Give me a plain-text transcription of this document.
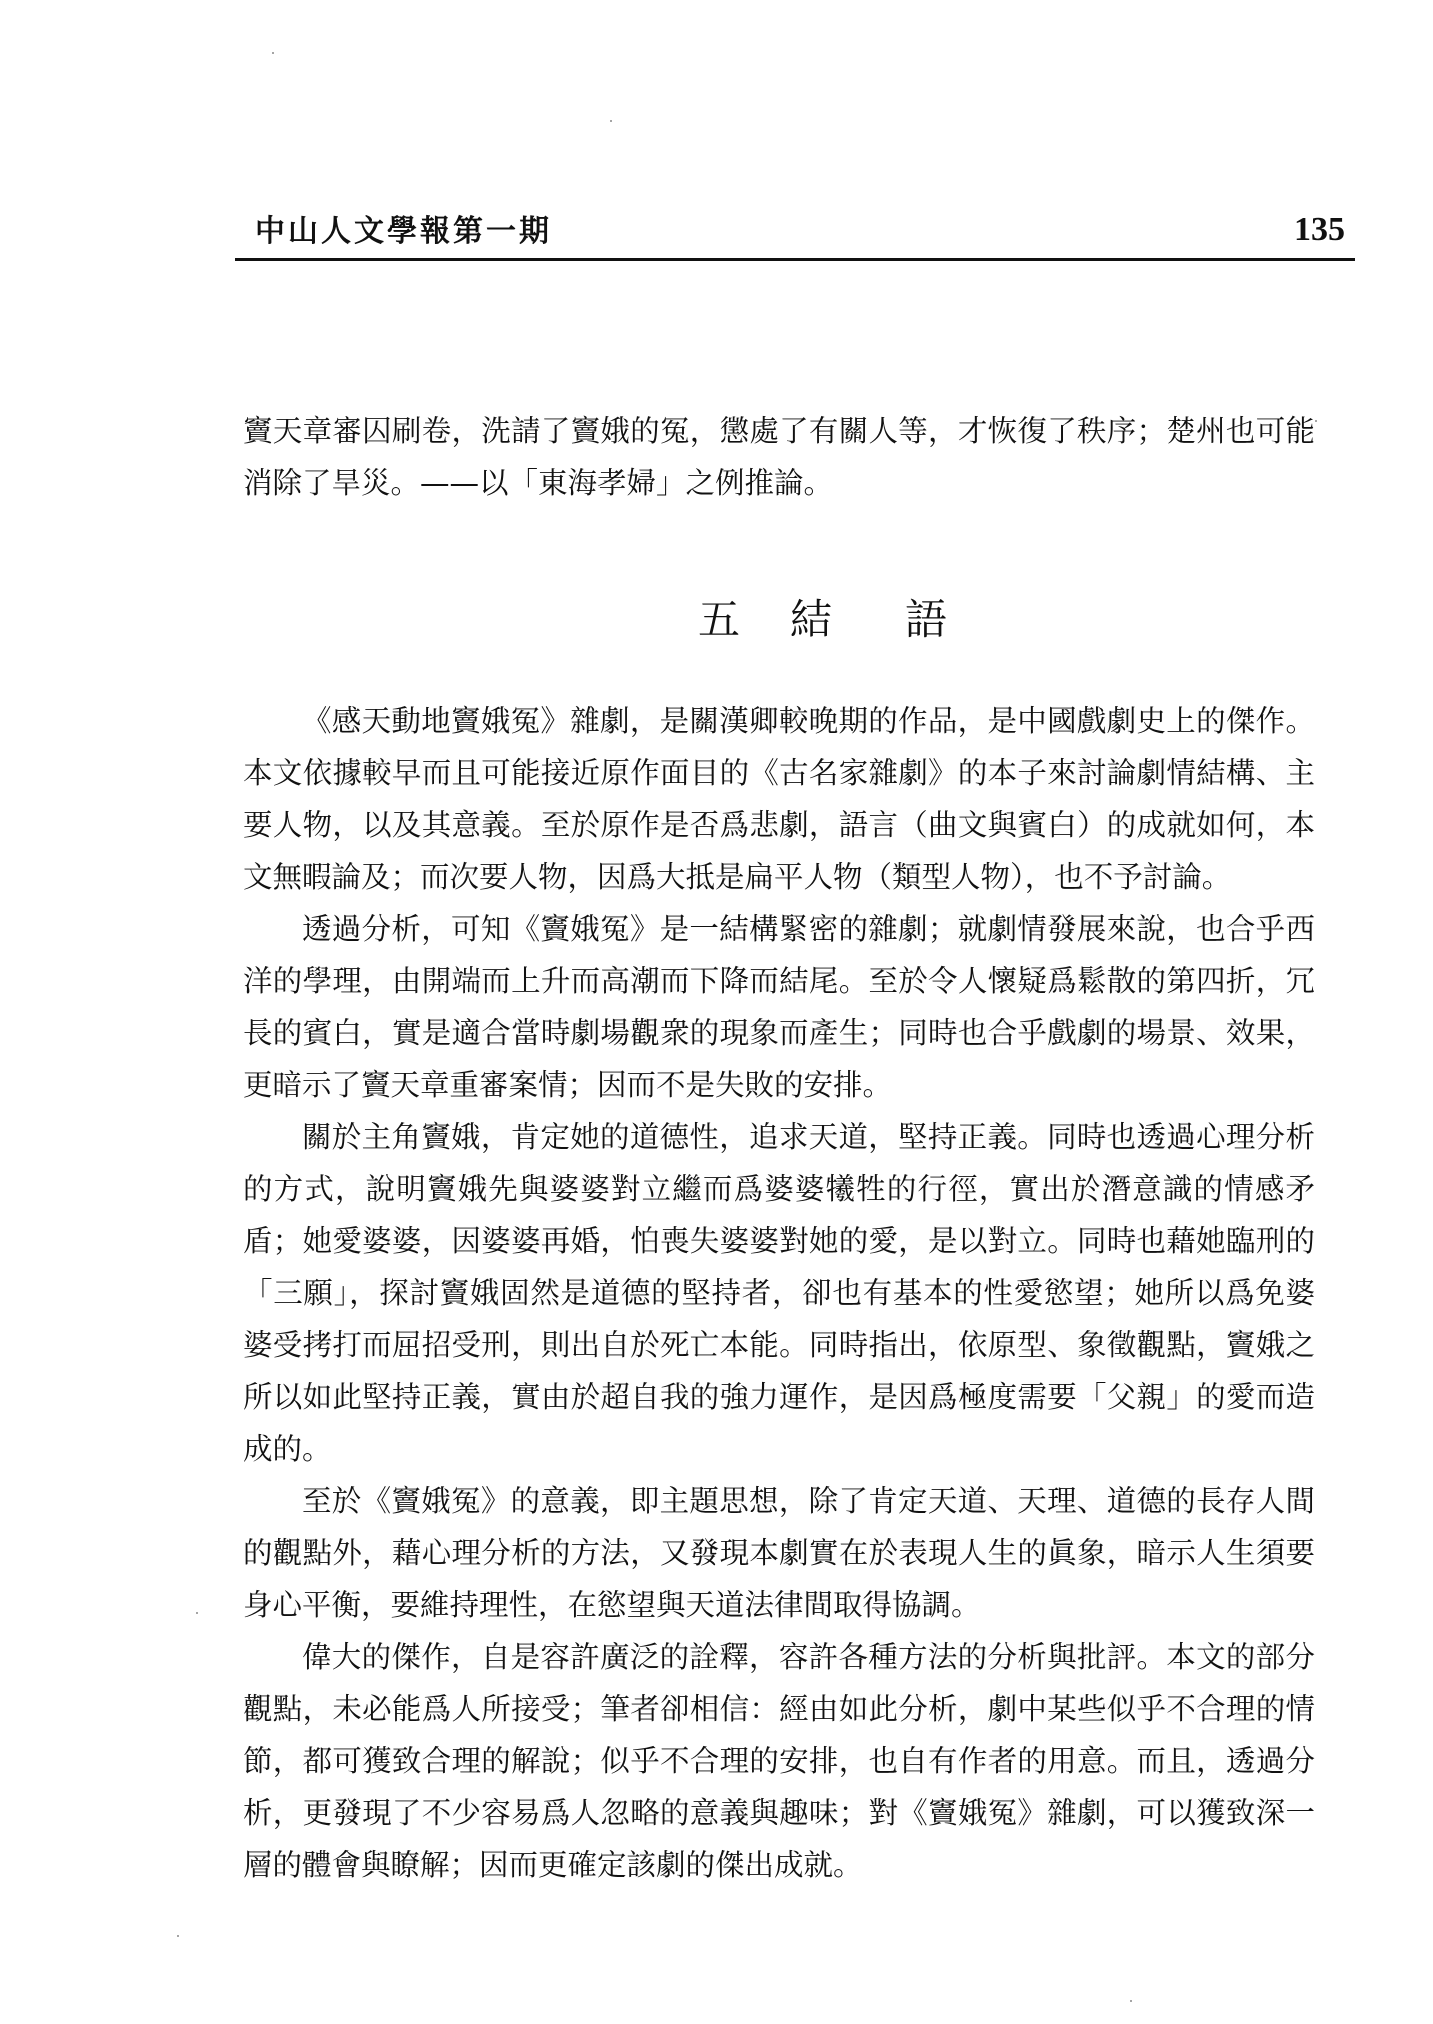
中山人文學報第一期	135

竇天章審囚刷卷，洗請了竇娥的冤，懲處了有關人等，才恢復了秩序；楚州也可能消除了旱災。——以「東海孝婦」之例推論。

五 結 語

《感天動地竇娥冤》雜劇，是關漢卿較晚期的作品，是中國戲劇史上的傑作。本文依據較早而且可能接近原作面目的《古名家雜劇》的本子來討論劇情結構、主要人物，以及其意義。至於原作是否爲悲劇，語言（曲文與賓白）的成就如何，本文無暇論及；而次要人物，因爲大抵是扁平人物（類型人物），也不予討論。

透過分析，可知《竇娥冤》是一結構緊密的雜劇；就劇情發展來說，也合乎西洋的學理，由開端而上升而高潮而下降而結尾。至於令人懷疑爲鬆散的第四折，冗長的賓白，實是適合當時劇場觀衆的現象而產生；同時也合乎戲劇的場景、效果，更暗示了竇天章重審案情；因而不是失敗的安排。

關於主角竇娥，肯定她的道德性，追求天道，堅持正義。同時也透過心理分析的方式，說明竇娥先與婆婆對立繼而爲婆婆犧牲的行徑，實出於潛意識的情感矛盾；她愛婆婆，因婆婆再婚，怕喪失婆婆對她的愛，是以對立。同時也藉她臨刑的「三願」，探討竇娥固然是道德的堅持者，卻也有基本的性愛慾望；她所以爲免婆婆受拷打而屈招受刑，則出自於死亡本能。同時指出，依原型、象徵觀點，竇娥之所以如此堅持正義，實由於超自我的強力運作，是因爲極度需要「父親」的愛而造成的。

至於《竇娥冤》的意義，即主題思想，除了肯定天道、天理、道德的長存人間的觀點外，藉心理分析的方法，又發現本劇實在於表現人生的眞象，暗示人生須要身心平衡，要維持理性，在慾望與天道法律間取得協調。

偉大的傑作，自是容許廣泛的詮釋，容許各種方法的分析與批評。本文的部分觀點，未必能爲人所接受；筆者卻相信：經由如此分析，劇中某些似乎不合理的情節，都可獲致合理的解說；似乎不合理的安排，也自有作者的用意。而且，透過分析，更發現了不少容易爲人忽略的意義與趣味；對《竇娥冤》雜劇，可以獲致深一層的體會與瞭解；因而更確定該劇的傑出成就。
